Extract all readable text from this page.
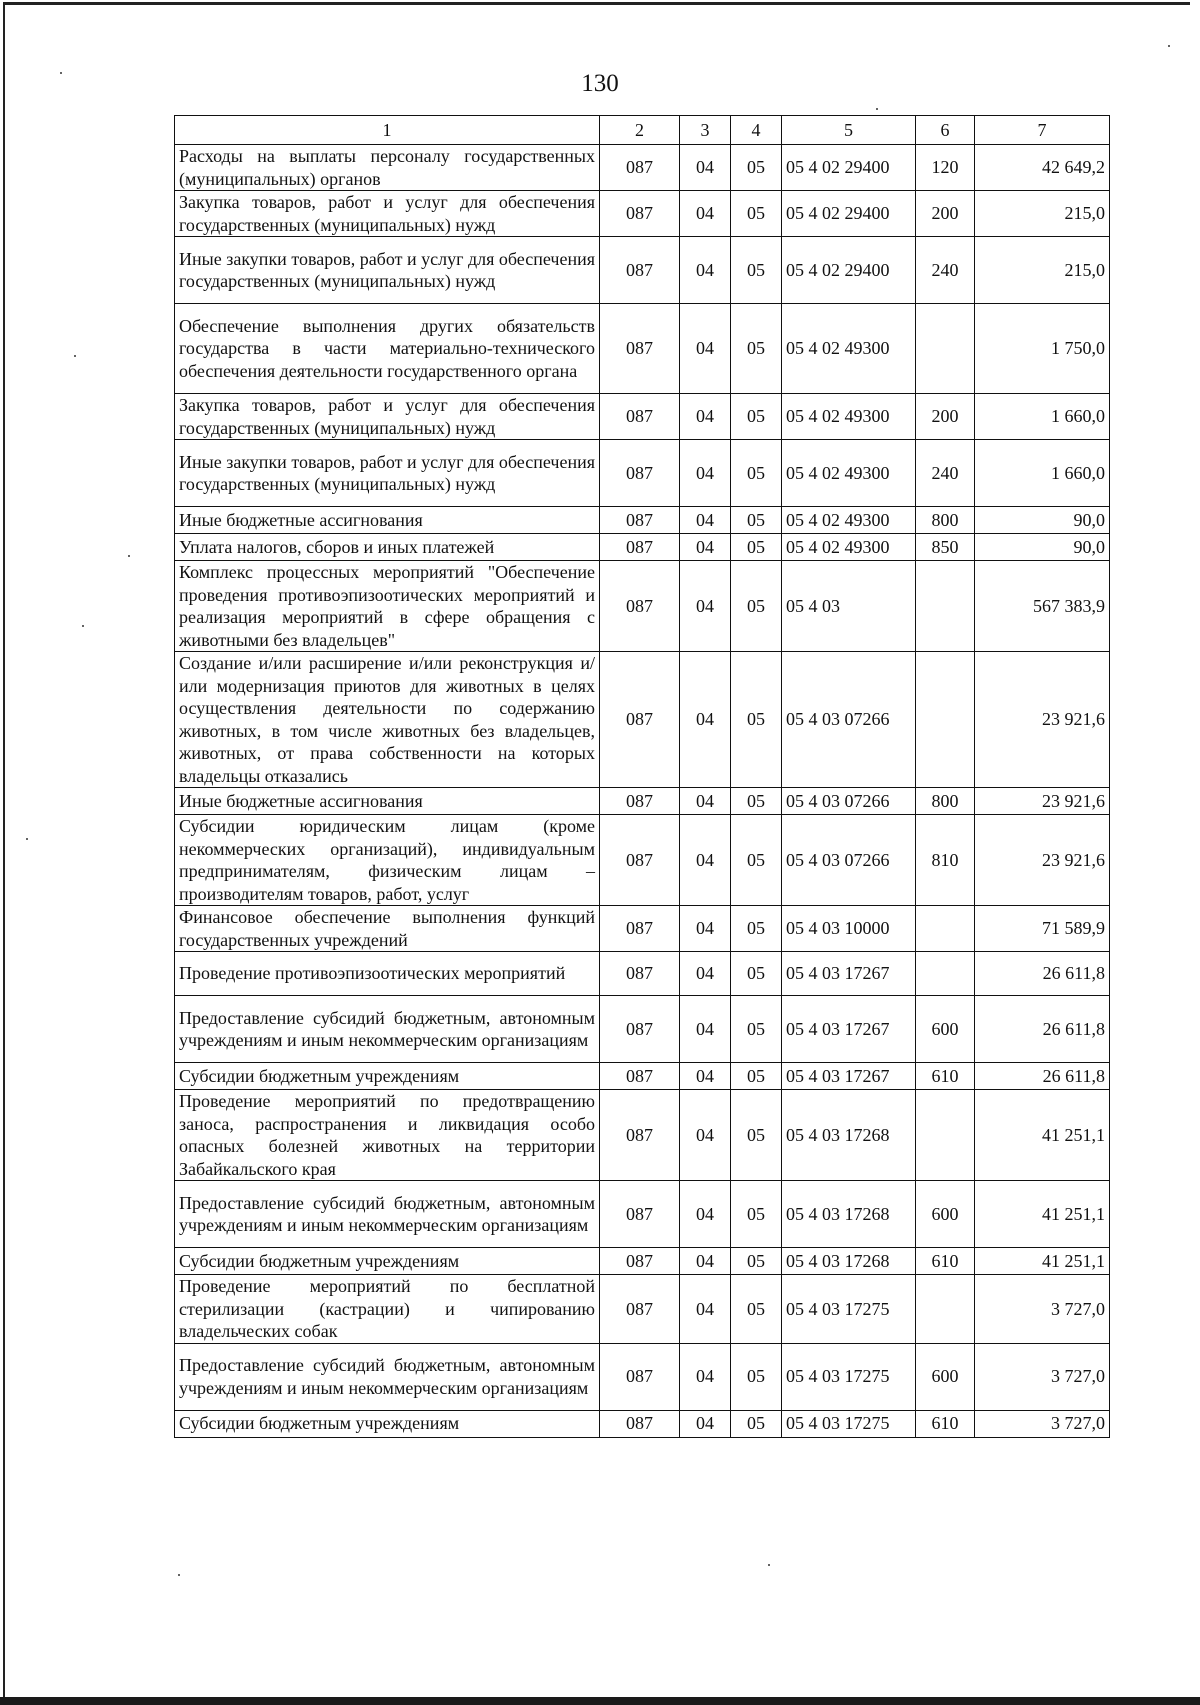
130
1	2	3	4	5	6	7
Расходы на выплаты персоналу государственных (муниципальных) органов	087	04	05	05 4 02 29400	120	42 649,2
Закупка товаров, работ и услуг для обеспечения государственных (муниципальных) нужд	087	04	05	05 4 02 29400	200	215,0
Иные закупки товаров, работ и услуг для обеспечения государственных (муниципальных) нужд	087	04	05	05 4 02 29400	240	215,0
Обеспечение выполнения других обязательств государства в части материально-технического обеспечения деятельности государственного органа	087	04	05	05 4 02 49300		1 750,0
Закупка товаров, работ и услуг для обеспечения государственных (муниципальных) нужд	087	04	05	05 4 02 49300	200	1 660,0
Иные закупки товаров, работ и услуг для обеспечения государственных (муниципальных) нужд	087	04	05	05 4 02 49300	240	1 660,0
Иные бюджетные ассигнования	087	04	05	05 4 02 49300	800	90,0
Уплата налогов, сборов и иных платежей	087	04	05	05 4 02 49300	850	90,0
Комплекс процессных мероприятий "Обеспечение проведения противоэпизоотических мероприятий и реализация мероприятий в сфере обращения с животными без владельцев"	087	04	05	05 4 03		567 383,9
Создание и/или расширение и/или реконструкция и/или модернизация приютов для животных в целях осуществления деятельности по содержанию животных, в том числе животных без владельцев, животных, от права собственности на которых владельцы отказались	087	04	05	05 4 03 07266		23 921,6
Иные бюджетные ассигнования	087	04	05	05 4 03 07266	800	23 921,6
Субсидии юридическим лицам (кроме некоммерческих организаций), индивидуальным предпринимателям, физическим лицам – производителям товаров, работ, услуг	087	04	05	05 4 03 07266	810	23 921,6
Финансовое обеспечение выполнения функций государственных учреждений	087	04	05	05 4 03 10000		71 589,9
Проведение противоэпизоотических мероприятий	087	04	05	05 4 03 17267		26 611,8
Предоставление субсидий бюджетным, автономным учреждениям и иным некоммерческим организациям	087	04	05	05 4 03 17267	600	26 611,8
Субсидии бюджетным учреждениям	087	04	05	05 4 03 17267	610	26 611,8
Проведение мероприятий по предотвращению заноса, распространения и ликвидация особо опасных болезней животных на территории Забайкальского края	087	04	05	05 4 03 17268		41 251,1
Предоставление субсидий бюджетным, автономным учреждениям и иным некоммерческим организациям	087	04	05	05 4 03 17268	600	41 251,1
Субсидии бюджетным учреждениям	087	04	05	05 4 03 17268	610	41 251,1
Проведение мероприятий по бесплатной стерилизации (кастрации) и чипированию владельческих собак	087	04	05	05 4 03 17275		3 727,0
Предоставление субсидий бюджетным, автономным учреждениям и иным некоммерческим организациям	087	04	05	05 4 03 17275	600	3 727,0
Субсидии бюджетным учреждениям	087	04	05	05 4 03 17275	610	3 727,0
